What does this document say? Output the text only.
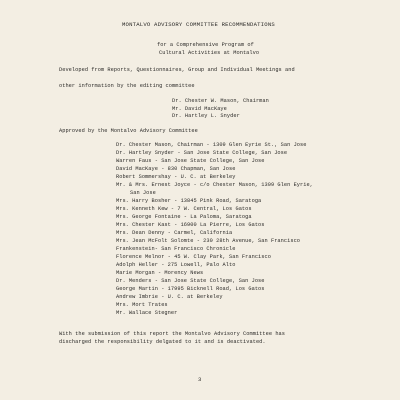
MONTALVO ADVISORY COMMITTEE RECOMMENDATIONS
for a Comprehensive Program of
Cultural Activities at Montalvo
Developed from Reports, Questionnaires, Group and Individual Meetings and
other information by the editing committee
Dr. Chester W. Mason, Chairman
Mr. David MacKaye
Dr. Hartley L. Snyder
Approved by the Montalvo Advisory Committee
Dr. Chester Mason, Chairman - 1309 Glen Eyrie St., San Jose
Dr. Hartley Snyder - San Jose State College, San Jose
Warren Faus - San Jose State College, San Jose
David MacKaye - 830 Chapman, San Jose
Robert Sommershay - U. C. at Berkeley
Mr. & Mrs. Ernest Joyce - c/o Chester Mason, 1309 Glen Eyrie,
San Jose
Mrs. Harry Bosher - 13845 Pink Road, Saratoga
Mrs. Kenneth Kew - 7 W. Central, Los Gatos
Mrs. George Fontaine - La Paloma, Saratoga
Mrs. Chester Kast - 16900 La Pierre, Los Gatos
Mrs. Dean Denny - Carmel, California
Mrs. Jean McFolt Solomte - 230 28th Avenue, San Francisco
Frankenstein- San Francisco Chronicle
Florence Melnor - 45 W. Clay Park, San Francisco
Adolph Heller - 275 Lowell, Palo Alto
Marie Morgan - Morency News
Dr. Menders - San Jose State College, San Jose
George Martin - 17995 Bicknell Road, Los Gatos
Andrew Imbrie - U. C. at Berkeley
Mrs. Mort Trates
Mr. Wallace Stegner
With the submission of this report the Montalvo Advisory Committee has
discharged the responsibility delgated to it and is deactivated.
3
